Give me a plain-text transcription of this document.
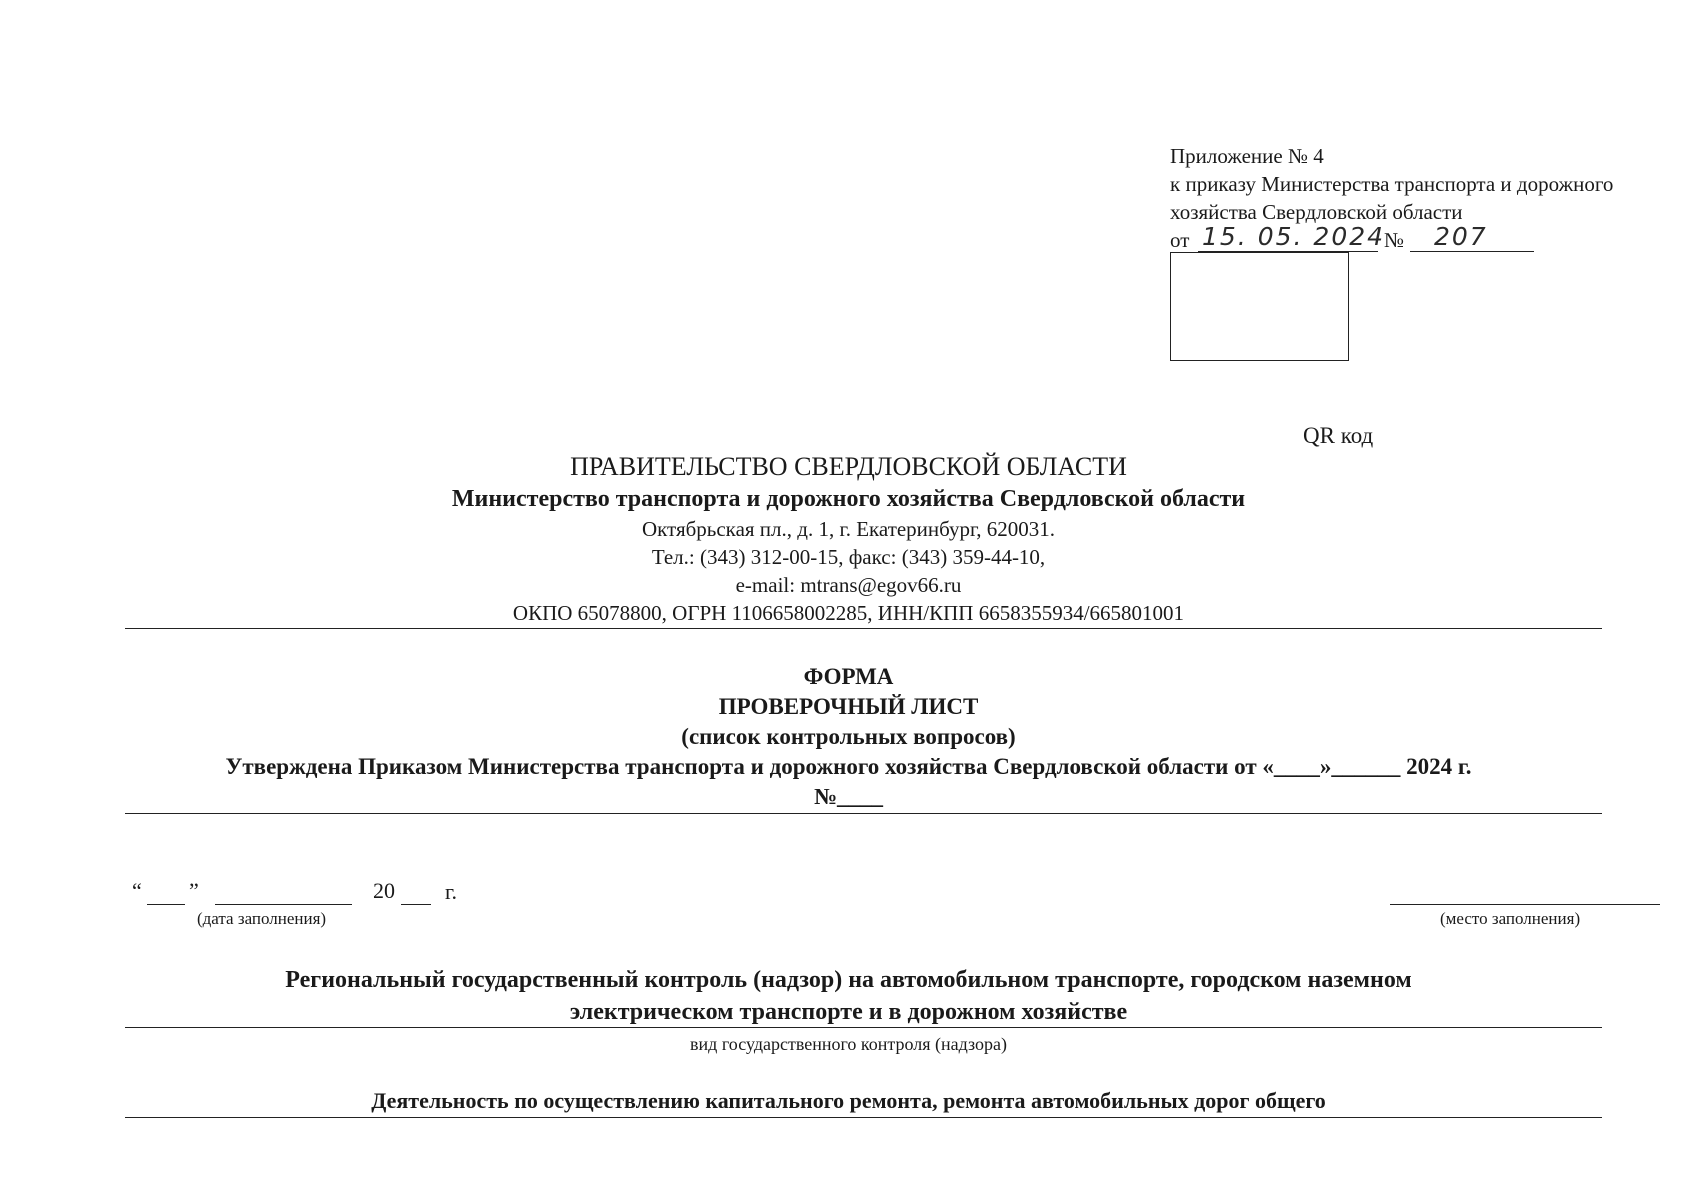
Приложение № 4
к приказу Министерства транспорта и дорожного
хозяйства Свердловской области
от 15. 05. 2024
№ 207
QR код
ПРАВИТЕЛЬСТВО СВЕРДЛОВСКОЙ ОБЛАСТИ
Министерство транспорта и дорожного хозяйства Свердловской области
Октябрьская пл., д. 1, г. Екатеринбург, 620031.
Тел.: (343) 312-00-15, факс: (343) 359-44-10,
e-mail: mtrans@egov66.ru
ОКПО 65078800, ОГРН 1106658002285, ИНН/КПП 6658355934/665801001
ФОРМА
ПРОВЕРОЧНЫЙ ЛИСТ
(список контрольных вопросов)
Утверждена Приказом Министерства транспорта и дорожного хозяйства Свердловской области от «____»______ 2024 г.
№____
“ ”	20 г.
(дата заполнения)	(место заполнения)
Региональный государственный контроль (надзор) на автомобильном транспорте, городском наземном
электрическом транспорте и в дорожном хозяйстве
вид государственного контроля (надзора)
Деятельность по осуществлению капитального ремонта, ремонта автомобильных дорог общего
